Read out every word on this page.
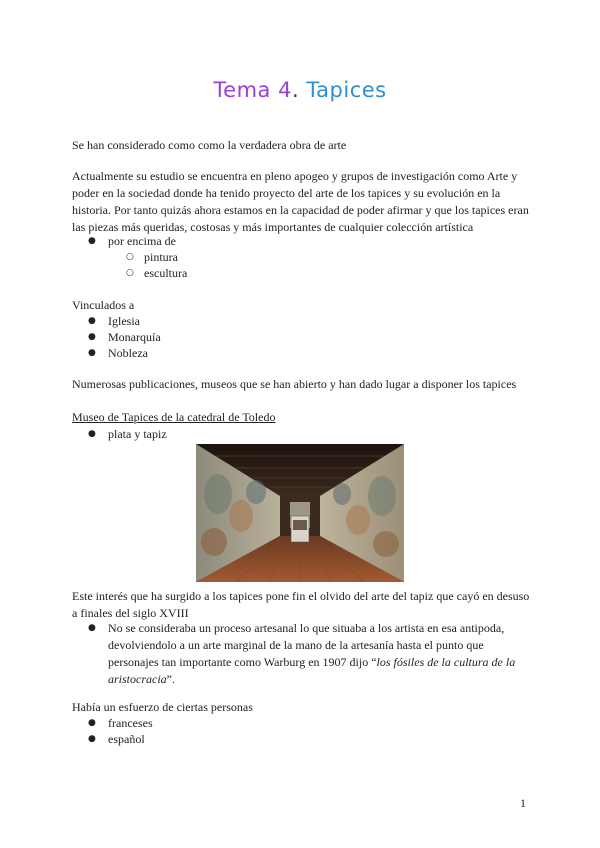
Tema 4. Tapices
Se han considerado como como la verdadera obra de arte
Actualmente su estudio se encuentra en pleno apogeo y grupos de investigación como Arte y poder en la sociedad donde ha tenido proyecto del arte de los tapices y su evolución en la historia. Por tanto quizás ahora estamos en la capacidad de poder afirmar y que los tapices eran las piezas más queridas, costosas y más importantes de cualquier colección artística
● por encima de
○ pintura
○ escultura
Vinculados a
● Iglesia
● Monarquía
● Nobleza
Numerosas publicaciones, museos que se han abierto y han dado lugar a disponer los tapices
Museo de Tapices de la catedral de Toledo
● plata y tapiz
Este interés que ha surgido a los tapices pone fin el olvido del arte del tapiz que cayó en desuso a finales del siglo XVIII
● No se consideraba un proceso artesanal lo que situaba a los artista en esa antipoda, devolviendolo a un arte marginal de la mano de la artesanía hasta el punto que personajes tan importante como Warburg en 1907 dijo “los fósiles de la cultura de la aristocracia”.
Había un esfuerzo de ciertas personas
● franceses
● español
1
